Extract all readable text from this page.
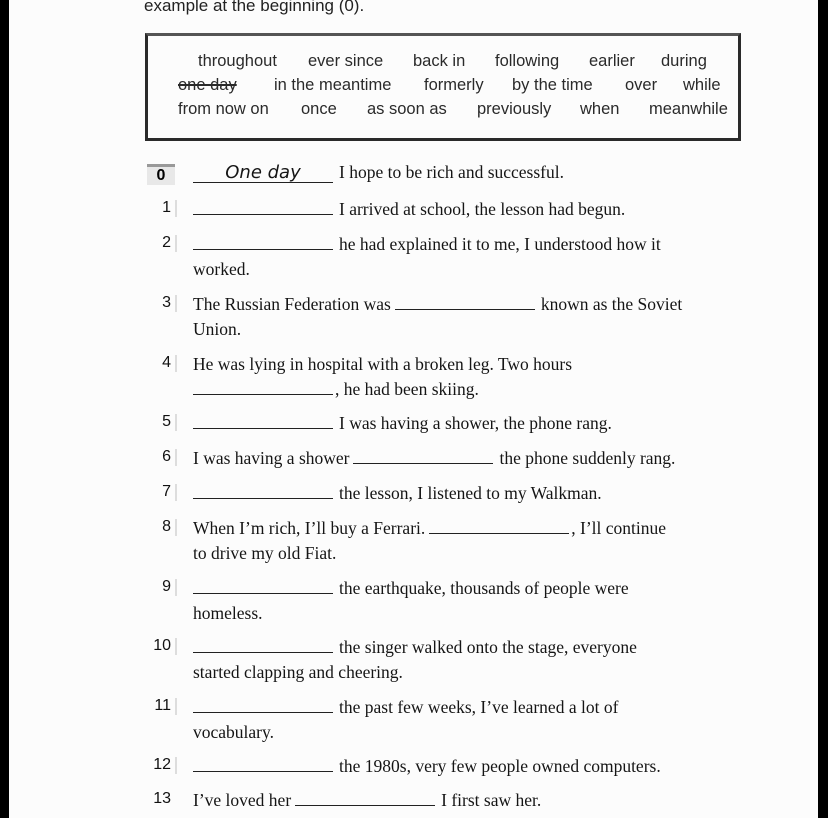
example at the beginning (0).
throughout ever since back in following earlier during
one day in the meantime formerly by the time over while
from now on once as soon as previously when meanwhile
0	One day I hope to be rich and successful.
1	I arrived at school, the lesson had begun.
2	he had explained it to me, I understood how it
worked.
3 The Russian Federation was	known as the Soviet
Union.
4 He was lying in hospital with a broken leg. Two hours
, he had been skiing.
5	I was having a shower, the phone rang.
6 I was having a shower	the phone suddenly rang.
7	the lesson, I listened to my Walkman.
8 When I’m rich, I’ll buy a Ferrari.	, I’ll continue
to drive my old Fiat.
9	the earthquake, thousands of people were
homeless.
10	the singer walked onto the stage, everyone
started clapping and cheering.
11	the past few weeks, I’ve learned a lot of
vocabulary.
12	the 1980s, very few people owned computers.
13 I’ve loved her	I first saw her.
